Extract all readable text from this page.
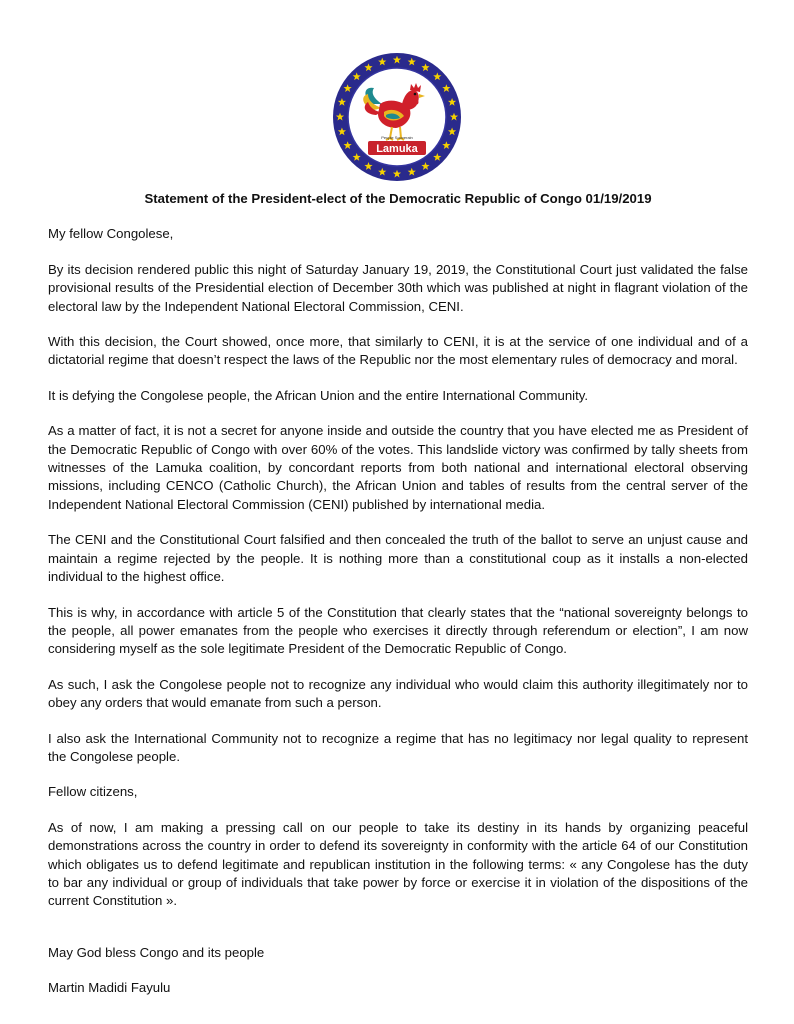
Peuple Souverain
Lamuka

Statement of the President-elect of the Democratic Republic of Congo 01/19/2019

My fellow Congolese,

By its decision rendered public this night of Saturday January 19, 2019, the Constitutional Court just validated the false provisional results of the Presidential election of December 30th which was published at night in flagrant violation of the electoral law by the Independent National Electoral Commission, CENI.

With this decision, the Court showed, once more, that similarly to CENI, it is at the service of one individual and of a dictatorial regime that doesn’t respect the laws of the Republic nor the most elementary rules of democracy and moral.

It is defying the Congolese people, the African Union and the entire International Community.

As a matter of fact, it is not a secret for anyone inside and outside the country that you have elected me as President of the Democratic Republic of Congo with over 60% of the votes. This landslide victory was confirmed by tally sheets from witnesses of the Lamuka coalition, by concordant reports from both national and international electoral observing missions, including CENCO (Catholic Church), the African Union and tables of results from the central server of the Independent National Electoral Commission (CENI) published by international media.

The CENI and the Constitutional Court falsified and then concealed the truth of the ballot to serve an unjust cause and maintain a regime rejected by the people. It is nothing more than a constitutional coup as it installs a non-elected individual to the highest office.

This is why, in accordance with article 5 of the Constitution that clearly states that the “national sovereignty belongs to the people, all power emanates from the people who exercises it directly through referendum or election”, I am now considering myself as the sole legitimate President of the Democratic Republic of Congo.

As such, I ask the Congolese people not to recognize any individual who would claim this authority illegitimately nor to obey any orders that would emanate from such a person.

I also ask the International Community not to recognize a regime that has no legitimacy nor legal quality to represent the Congolese people.

Fellow citizens,

As of now, I am making a pressing call on our people to take its destiny in its hands by organizing peaceful demonstrations across the country in order to defend its sovereignty in conformity with the article 64 of our Constitution which obligates us to defend legitimate and republican institution in the following terms: « any Congolese has the duty to bar any individual or group of individuals that take power by force or exercise it in violation of the dispositions of the current Constitution ».

May God bless Congo and its people

Martin Madidi Fayulu
